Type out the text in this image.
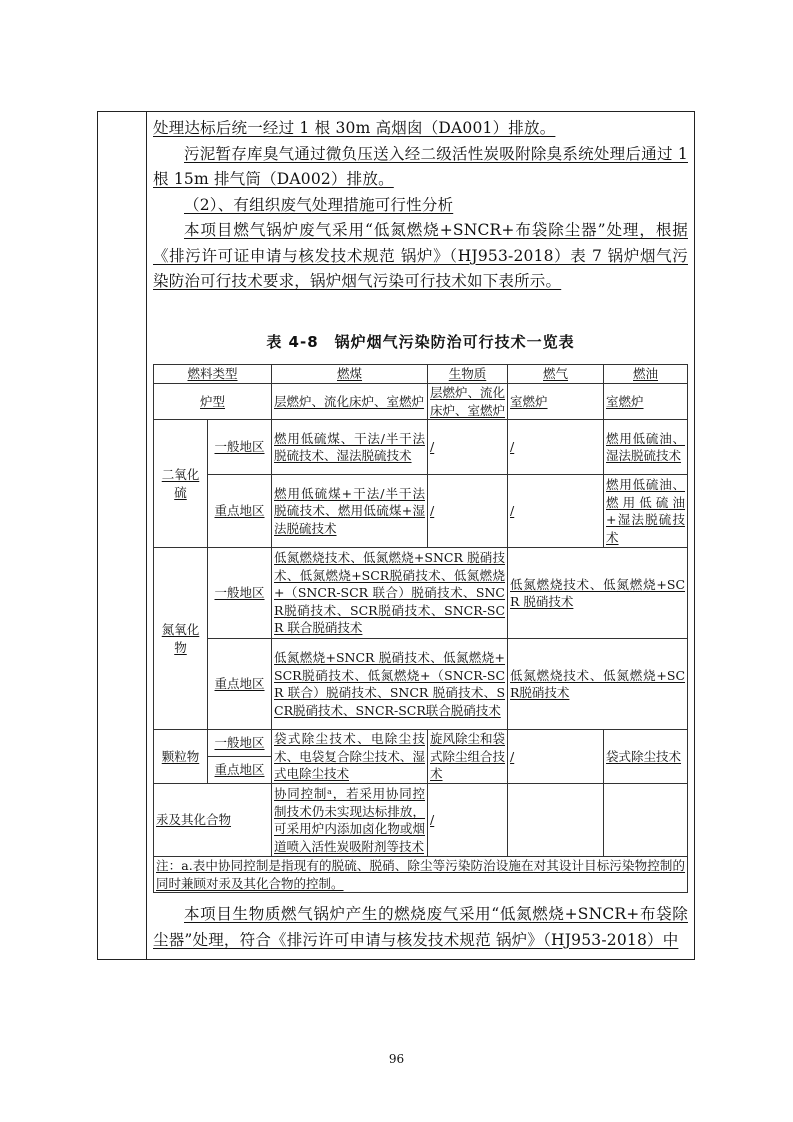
处理达标后统一经过 1 根 30m 高烟囱（DA001）排放。

污泥暂存库臭气通过微负压送入经二级活性炭吸附除臭系统处理后通过 1 根 15m 排气筒（DA002）排放。

（2）、有组织废气处理措施可行性分析

本项目燃气锅炉废气采用“低氮燃烧+SNCR+布袋除尘器”处理，根据《排污许可证申请与核发技术规范 锅炉》（HJ953-2018）表 7 锅炉烟气污染防治可行技术要求，锅炉烟气污染可行技术如下表所示。

表 4-8　锅炉烟气污染防治可行技术一览表
燃料类型		燃煤	生物质	燃气	燃油
炉型		层燃炉、流化床炉、室燃炉	层燃炉、流化床炉、室燃炉	室燃炉	室燃炉
二氧化硫	一般地区	燃用低硫煤、干法/半干法脱硫技术、湿法脱硫技术	/	/	燃用低硫油、湿法脱硫技术
	重点地区	燃用低硫煤+干法/半干法脱硫技术、燃用低硫煤+湿法脱硫技术	/	/	燃用低硫油、燃用低硫油+湿法脱硫技术
氮氧化物	一般地区	低氮燃烧技术、低氮燃烧+SNCR 脱硝技术、低氮燃烧+SCR脱硝技术、低氮燃烧+（SNCR-SCR 联合）脱硝技术、SNCR脱硝技术、SCR脱硝技术、SNCR-SCR 联合脱硝技术		低氮燃烧技术、低氮燃烧+SCR 脱硝技术	
	重点地区	低氮燃烧+SNCR 脱硝技术、低氮燃烧+SCR脱硝技术、低氮燃烧+（SNCR-SCR 联合）脱硝技术、SNCR 脱硝技术、SCR脱硝技术、SNCR-SCR联合脱硝技术		低氮燃烧技术、低氮燃烧+SCR脱硝技术	
颗粒物	一般地区	袋式除尘技术、电除尘技术、电袋复合除尘技术、湿式电除尘技术	旋风除尘和袋式除尘组合技术	/	袋式除尘技术
	重点地区				
汞及其化合物		协同控制ᵃ，若采用协同控制技术仍未实现达标排放，可采用炉内添加卤化物或烟道喷入活性炭吸附剂等技术	/		
注：a.表中协同控制是指现有的脱硫、脱硝、除尘等污染防治设施在对其设计目标污染物控制的同时兼顾对汞及其化合物的控制。					

本项目生物质燃气锅炉产生的燃烧废气采用“低氮燃烧+SNCR+布袋除尘器”处理，符合《排污许可申请与核发技术规范 锅炉》（HJ953-2018）中

96
